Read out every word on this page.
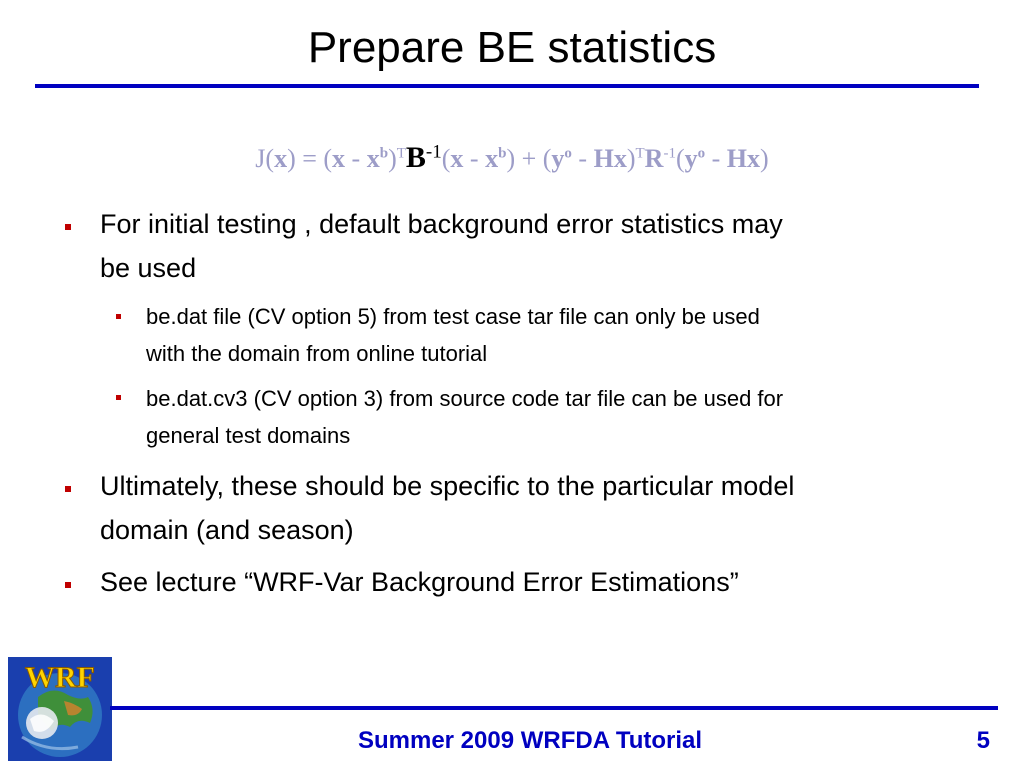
Prepare BE statistics
$J(x) = (x - x^b)^TB^{-1}(x - x^b) + (y^o - Hx)^TR^{-1}(y^o - Hx)$
For initial testing , default background error statistics may
be used
be.dat file (CV option 5) from test case tar file can only be used
with the domain from online tutorial
be.dat.cv3 (CV option 3) from source code tar file can be used for
general test domains
Ultimately, these should be specific to the particular model
domain (and season)
See lecture “WRF-Var Background Error Estimations”
WRF
Summer 2009 WRFDA Tutorial	5
